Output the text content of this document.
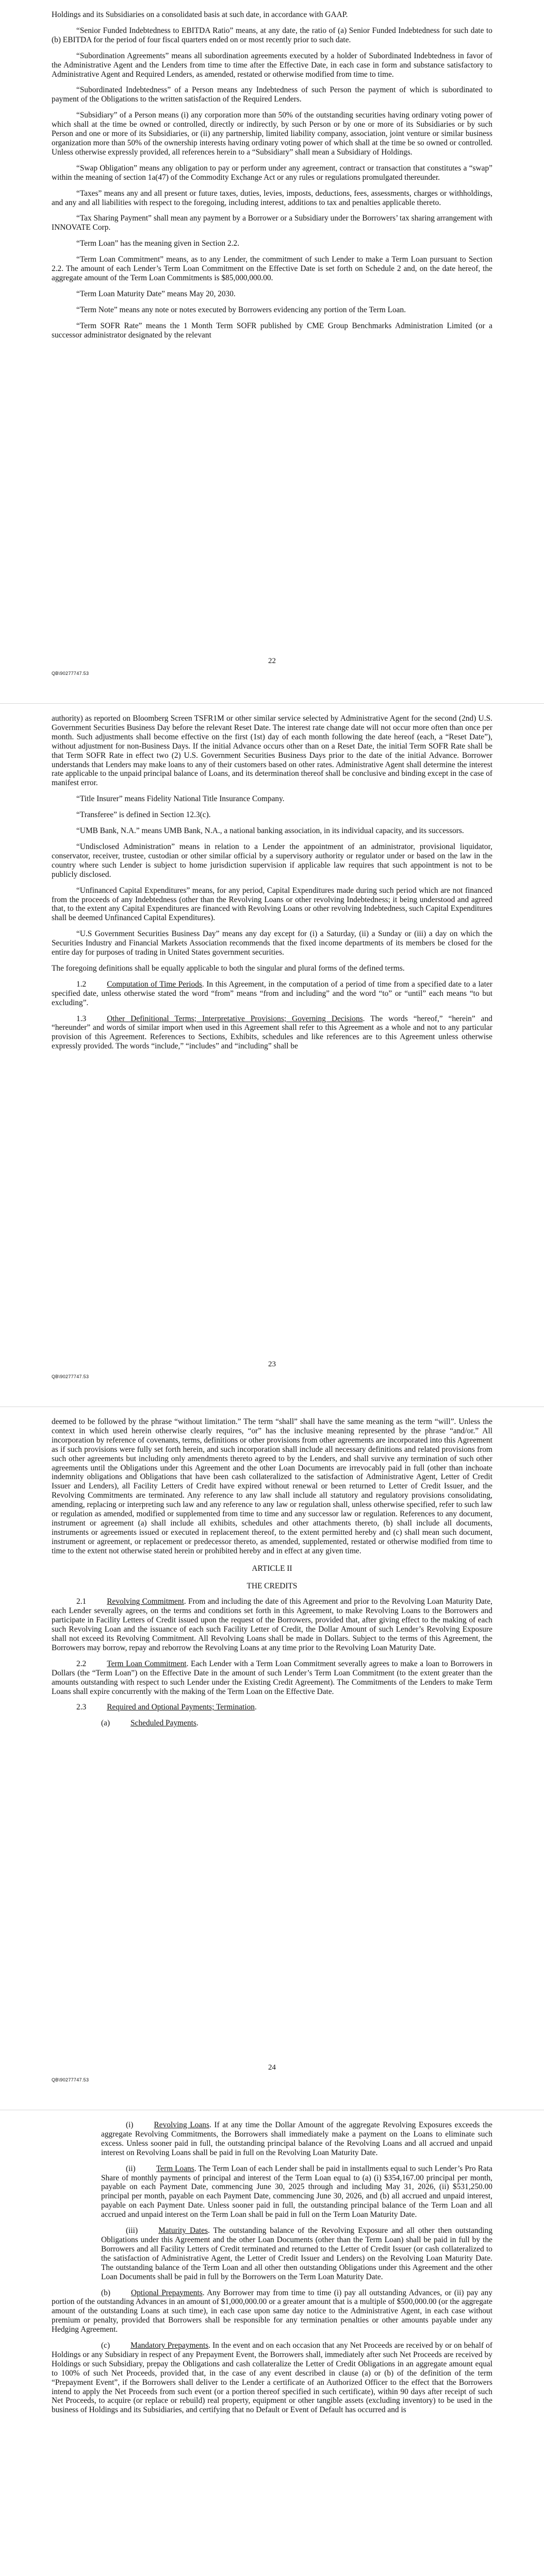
Holdings and its Subsidiaries on a consolidated basis at such date, in accordance with GAAP.

“Senior Funded Indebtedness to EBITDA Ratio” means, at any date, the ratio of (a) Senior Funded Indebtedness for such date to (b) EBITDA for the period of four fiscal quarters ended on or most recently prior to such date.

“Subordination Agreements” means all subordination agreements executed by a holder of Subordinated Indebtedness in favor of the Administrative Agent and the Lenders from time to time after the Effective Date, in each case in form and substance satisfactory to Administrative Agent and Required Lenders, as amended, restated or otherwise modified from time to time.

“Subordinated Indebtedness” of a Person means any Indebtedness of such Person the payment of which is subordinated to payment of the Obligations to the written satisfaction of the Required Lenders.

“Subsidiary” of a Person means (i) any corporation more than 50% of the outstanding securities having ordinary voting power of which shall at the time be owned or controlled, directly or indirectly, by such Person or by one or more of its Subsidiaries or by such Person and one or more of its Subsidiaries, or (ii) any partnership, limited liability company, association, joint venture or similar business organization more than 50% of the ownership interests having ordinary voting power of which shall at the time be so owned or controlled. Unless otherwise expressly provided, all references herein to a “Subsidiary” shall mean a Subsidiary of Holdings.

“Swap Obligation” means any obligation to pay or perform under any agreement, contract or transaction that constitutes a “swap” within the meaning of section 1a(47) of the Commodity Exchange Act or any rules or regulations promulgated thereunder.

“Taxes” means any and all present or future taxes, duties, levies, imposts, deductions, fees, assessments, charges or withholdings, and any and all liabilities with respect to the foregoing, including interest, additions to tax and penalties applicable thereto.

“Tax Sharing Payment” shall mean any payment by a Borrower or a Subsidiary under the Borrowers’ tax sharing arrangement with INNOVATE Corp.

“Term Loan” has the meaning given in Section 2.2.

“Term Loan Commitment” means, as to any Lender, the commitment of such Lender to make a Term Loan pursuant to Section 2.2. The amount of each Lender’s Term Loan Commitment on the Effective Date is set forth on Schedule 2 and, on the date hereof, the aggregate amount of the Term Loan Commitments is $85,000,000.00.

“Term Loan Maturity Date” means May 20, 2030.

“Term Note” means any note or notes executed by Borrowers evidencing any portion of the Term Loan.

“Term SOFR Rate” means the 1 Month Term SOFR published by CME Group Benchmarks Administration Limited (or a successor administrator designated by the relevant

22
QB\90277747.53

authority) as reported on Bloomberg Screen TSFR1M or other similar service selected by Administrative Agent for the second (2nd) U.S. Government Securities Business Day before the relevant Reset Date. The interest rate change date will not occur more often than once per month. Such adjustments shall become effective on the first (1st) day of each month following the date hereof (each, a “Reset Date”), without adjustment for non-Business Days. If the initial Advance occurs other than on a Reset Date, the initial Term SOFR Rate shall be that Term SOFR Rate in effect two (2) U.S. Government Securities Business Days prior to the date of the initial Advance. Borrower understands that Lenders may make loans to any of their customers based on other rates. Administrative Agent shall determine the interest rate applicable to the unpaid principal balance of Loans, and its determination thereof shall be conclusive and binding except in the case of manifest error.

“Title Insurer” means Fidelity National Title Insurance Company.

“Transferee” is defined in Section 12.3(c).

“UMB Bank, N.A.” means UMB Bank, N.A., a national banking association, in its individual capacity, and its successors.

“Undisclosed Administration” means in relation to a Lender the appointment of an administrator, provisional liquidator, conservator, receiver, trustee, custodian or other similar official by a supervisory authority or regulator under or based on the law in the country where such Lender is subject to home jurisdiction supervision if applicable law requires that such appointment is not to be publicly disclosed.

“Unfinanced Capital Expenditures” means, for any period, Capital Expenditures made during such period which are not financed from the proceeds of any Indebtedness (other than the Revolving Loans or other revolving Indebtedness; it being understood and agreed that, to the extent any Capital Expenditures are financed with Revolving Loans or other revolving Indebtedness, such Capital Expenditures shall be deemed Unfinanced Capital Expenditures).

“U.S Government Securities Business Day” means any day except for (i) a Saturday, (ii) a Sunday or (iii) a day on which the Securities Industry and Financial Markets Association recommends that the fixed income departments of its members be closed for the entire day for purposes of trading in United States government securities.

The foregoing definitions shall be equally applicable to both the singular and plural forms of the defined terms.

1.2	Computation of Time Periods. In this Agreement, in the computation of a period of time from a specified date to a later specified date, unless otherwise stated the word “from” means “from and including” and the word “to” or “until” each means “to but excluding”.

1.3	Other Definitional Terms; Interpretative Provisions; Governing Decisions. The words “hereof,” “herein” and “hereunder” and words of similar import when used in this Agreement shall refer to this Agreement as a whole and not to any particular provision of this Agreement. References to Sections, Exhibits, schedules and like references are to this Agreement unless otherwise expressly provided. The words “include,” “includes” and “including” shall be

23
QB\90277747.53

deemed to be followed by the phrase “without limitation.” The term “shall” shall have the same meaning as the term “will”. Unless the context in which used herein otherwise clearly requires, “or” has the inclusive meaning represented by the phrase “and/or.” All incorporation by reference of covenants, terms, definitions or other provisions from other agreements are incorporated into this Agreement as if such provisions were fully set forth herein, and such incorporation shall include all necessary definitions and related provisions from such other agreements but including only amendments thereto agreed to by the Lenders, and shall survive any termination of such other agreements until the Obligations under this Agreement and the other Loan Documents are irrevocably paid in full (other than inchoate indemnity obligations and Obligations that have been cash collateralized to the satisfaction of Administrative Agent, Letter of Credit Issuer and Lenders), all Facility Letters of Credit have expired without renewal or been returned to Letter of Credit Issuer, and the Revolving Commitments are terminated. Any reference to any law shall include all statutory and regulatory provisions consolidating, amending, replacing or interpreting such law and any reference to any law or regulation shall, unless otherwise specified, refer to such law or regulation as amended, modified or supplemented from time to time and any successor law or regulation. References to any document, instrument or agreement (a) shall include all exhibits, schedules and other attachments thereto, (b) shall include all documents, instruments or agreements issued or executed in replacement thereof, to the extent permitted hereby and (c) shall mean such document, instrument or agreement, or replacement or predecessor thereto, as amended, supplemented, restated or otherwise modified from time to time to the extent not otherwise stated herein or prohibited hereby and in effect at any given time.

ARTICLE II

THE CREDITS

2.1	Revolving Commitment. From and including the date of this Agreement and prior to the Revolving Loan Maturity Date, each Lender severally agrees, on the terms and conditions set forth in this Agreement, to make Revolving Loans to the Borrowers and participate in Facility Letters of Credit issued upon the request of the Borrowers, provided that, after giving effect to the making of each such Revolving Loan and the issuance of each such Facility Letter of Credit, the Dollar Amount of such Lender’s Revolving Exposure shall not exceed its Revolving Commitment. All Revolving Loans shall be made in Dollars. Subject to the terms of this Agreement, the Borrowers may borrow, repay and reborrow the Revolving Loans at any time prior to the Revolving Loan Maturity Date.

2.2	Term Loan Commitment. Each Lender with a Term Loan Commitment severally agrees to make a loan to Borrowers in Dollars (the “Term Loan”) on the Effective Date in the amount of such Lender’s Term Loan Commitment (to the extent greater than the amounts outstanding with respect to such Lender under the Existing Credit Agreement). The Commitments of the Lenders to make Term Loans shall expire concurrently with the making of the Term Loan on the Effective Date.

2.3	Required and Optional Payments; Termination.

(a)	Scheduled Payments.

24
QB\90277747.53

(i)	Revolving Loans. If at any time the Dollar Amount of the aggregate Revolving Exposures exceeds the aggregate Revolving Commitments, the Borrowers shall immediately make a payment on the Loans to eliminate such excess. Unless sooner paid in full, the outstanding principal balance of the Revolving Loans and all accrued and unpaid interest on Revolving Loans shall be paid in full on the Revolving Loan Maturity Date.

(ii)	Term Loans. The Term Loan of each Lender shall be paid in installments equal to such Lender’s Pro Rata Share of monthly payments of principal and interest of the Term Loan equal to (a) (i) $354,167.00 principal per month, payable on each Payment Date, commencing June 30, 2025 through and including May 31, 2026, (ii) $531,250.00 principal per month, payable on each Payment Date, commencing June 30, 2026, and (b) all accrued and unpaid interest, payable on each Payment Date. Unless sooner paid in full, the outstanding principal balance of the Term Loan and all accrued and unpaid interest on the Term Loan shall be paid in full on the Term Loan Maturity Date.

(iii)	Maturity Dates. The outstanding balance of the Revolving Exposure and all other then outstanding Obligations under this Agreement and the other Loan Documents (other than the Term Loan) shall be paid in full by the Borrowers and all Facility Letters of Credit terminated and returned to the Letter of Credit Issuer (or cash collateralized to the satisfaction of Administrative Agent, the Letter of Credit Issuer and Lenders) on the Revolving Loan Maturity Date. The outstanding balance of the Term Loan and all other then outstanding Obligations under this Agreement and the other Loan Documents shall be paid in full by the Borrowers on the Term Loan Maturity Date.

(b)	Optional Prepayments. Any Borrower may from time to time (i) pay all outstanding Advances, or (ii) pay any portion of the outstanding Advances in an amount of $1,000,000.00 or a greater amount that is a multiple of $500,000.00 (or the aggregate amount of the outstanding Loans at such time), in each case upon same day notice to the Administrative Agent, in each case without premium or penalty, provided that Borrowers shall be responsible for any termination penalties or other amounts payable under any Hedging Agreement.

(c)	Mandatory Prepayments. In the event and on each occasion that any Net Proceeds are received by or on behalf of Holdings or any Subsidiary in respect of any Prepayment Event, the Borrowers shall, immediately after such Net Proceeds are received by Holdings or such Subsidiary, prepay the Obligations and cash collateralize the Letter of Credit Obligations in an aggregate amount equal to 100% of such Net Proceeds, provided that, in the case of any event described in clause (a) or (b) of the definition of the term “Prepayment Event”, if the Borrowers shall deliver to the Lender a certificate of an Authorized Officer to the effect that the Borrowers intend to apply the Net Proceeds from such event (or a portion thereof specified in such certificate), within 90 days after receipt of such Net Proceeds, to acquire (or replace or rebuild) real property, equipment or other tangible assets (excluding inventory) to be used in the business of Holdings and its Subsidiaries, and certifying that no Default or Event of Default has occurred and is
